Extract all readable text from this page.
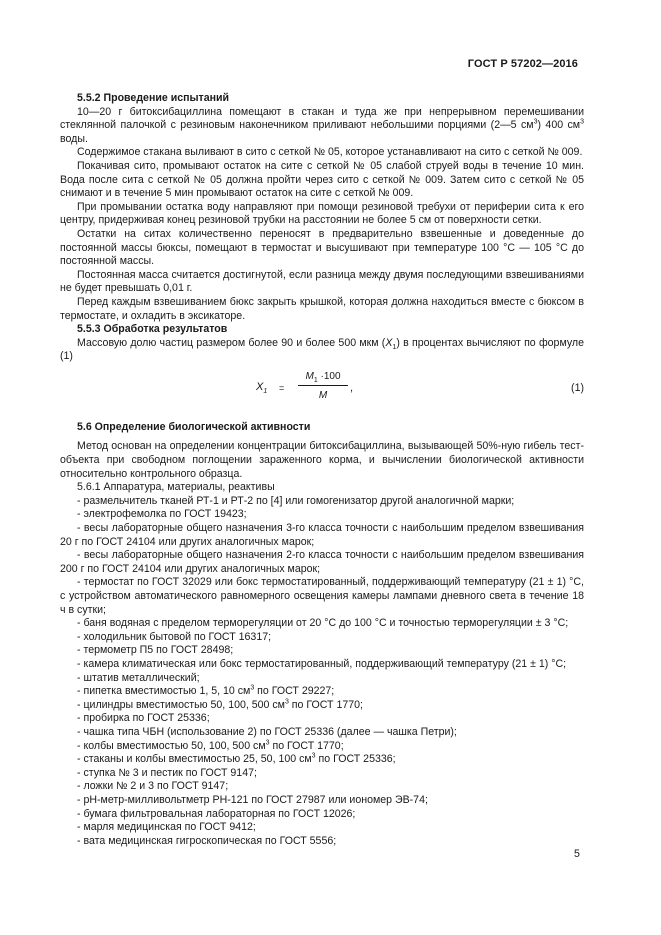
ГОСТ Р 57202—2016
5.5.2 Проведение испытаний

10—20 г битоксибациллина помещают в стакан и туда же при непрерывном перемешивании стеклянной палочкой с резиновым наконечником приливают небольшими порциями (2—5 $см^3$) 400 $см^3$ воды.

Содержимое стакана выливают в сито с сеткой № 05, которое устанавливают на сито с сеткой № 009.

Покачивая сито, промывают остаток на сите с сеткой № 05 слабой струей воды в течение 10 мин. Вода после сита с сеткой № 05 должна пройти через сито с сеткой № 009. Затем сито с сеткой № 05 снимают и в течение 5 мин промывают остаток на сите с сеткой № 009.

При промывании остатка воду направляют при помощи резиновой требухи от периферии сита к его центру, придерживая конец резиновой трубки на расстоянии не более 5 см от поверхности сетки.

Остатки на ситах количественно переносят в предварительно взвешенные и доведенные до постоянной массы бюксы, помещают в термостат и высушивают при температуре 100 °С — 105 °С до постоянной массы.

Постоянная масса считается достигнутой, если разница между двумя последующими взвешиваниями не будет превышать 0,01 г.

Перед каждым взвешиванием бюкс закрыть крышкой, которая должна находиться вместе с бюксом в термостате, и охладить в эксикаторе.

5.5.3 Обработка результатов

Массовую долю частиц размером более 90 и более 500 мкм $(X_1)$ в процентах вычисляют по формуле (1)

$X_1$ =
$M_1 \cdot 100$
M
,	(1)
5.6 Определение биологической активности

Метод основан на определении концентрации битоксибациллина, вызывающей 50%-ную гибель тест-объекта при свободном поглощении зараженного корма, и вычислении биологической активности относительно контрольного образца.

5.6.1 Аппаратура, материалы, реактивы

- размельчитель тканей РТ-1 и РТ-2 по [4] или гомогенизатор другой аналогичной марки;

- электрофемолка по ГОСТ 19423;

- весы лабораторные общего назначения 3-го класса точности с наибольшим пределом взвешивания 20 г по ГОСТ 24104 или других аналогичных марок;

- весы лабораторные общего назначения 2-го класса точности с наибольшим пределом взвешивания 200 г по ГОСТ 24104 или других аналогичных марок;

- термостат по ГОСТ 32029 или бокс термостатированный, поддерживающий температуру (21 ± 1) °С, с устройством автоматического равномерного освещения камеры лампами дневного света в течение 18 ч в сутки;

- баня водяная с пределом терморегуляции от 20 °С до 100 °С и точностью терморегуляции ± 3 °С;

- холодильник бытовой по ГОСТ 16317;

- термометр П5 по ГОСТ 28498;

- камера климатическая или бокс термостатированный, поддерживающий температуру (21 ± 1) °С;

- штатив металлический;

- пипетка вместимостью 1, 5, 10 $см^3$ по ГОСТ 29227;

- цилиндры вместимостью 50, 100, 500 $см^3$ по ГОСТ 1770;

- пробирка по ГОСТ 25336;

- чашка типа ЧБН (использование 2) по ГОСТ 25336 (далее — чашка Петри);

- колбы вместимостью 50, 100, 500 $см^3$ по ГОСТ 1770;

- стаканы и колбы вместимостью 25, 50, 100 $см^3$ по ГОСТ 25336;

- ступка № 3 и пестик по ГОСТ 9147;

- ложки № 2 и 3 по ГОСТ 9147;

- рН-метр-милливольтметр РН-121 по ГОСТ 27987 или иономер ЭВ-74;

- бумага фильтровальная лабораторная по ГОСТ 12026;

- марля медицинская по ГОСТ 9412;

- вата медицинская гигроскопическая по ГОСТ 5556;

5
